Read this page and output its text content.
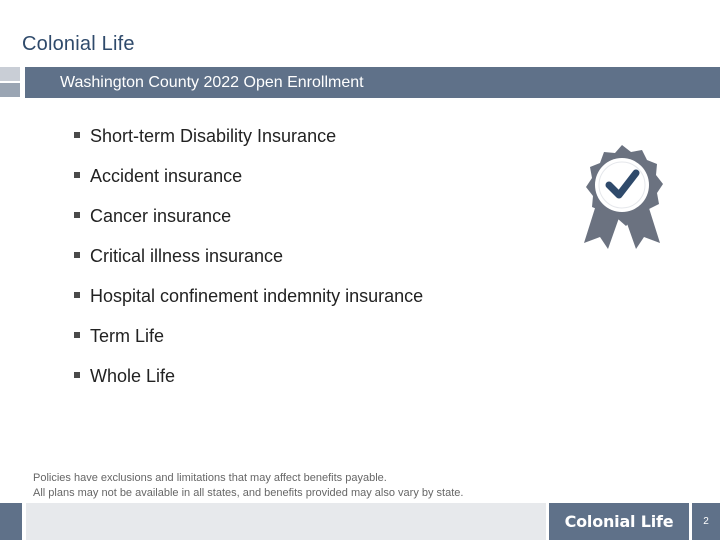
Colonial Life
Washington County 2022 Open Enrollment
Short-term Disability Insurance
Accident insurance
Cancer insurance
Critical illness insurance
Hospital confinement indemnity insurance
Term Life
Whole Life
Policies have exclusions and limitations that may affect benefits payable.
All plans may not be available in all states, and benefits provided may also vary by state.
Colonial Life	2
